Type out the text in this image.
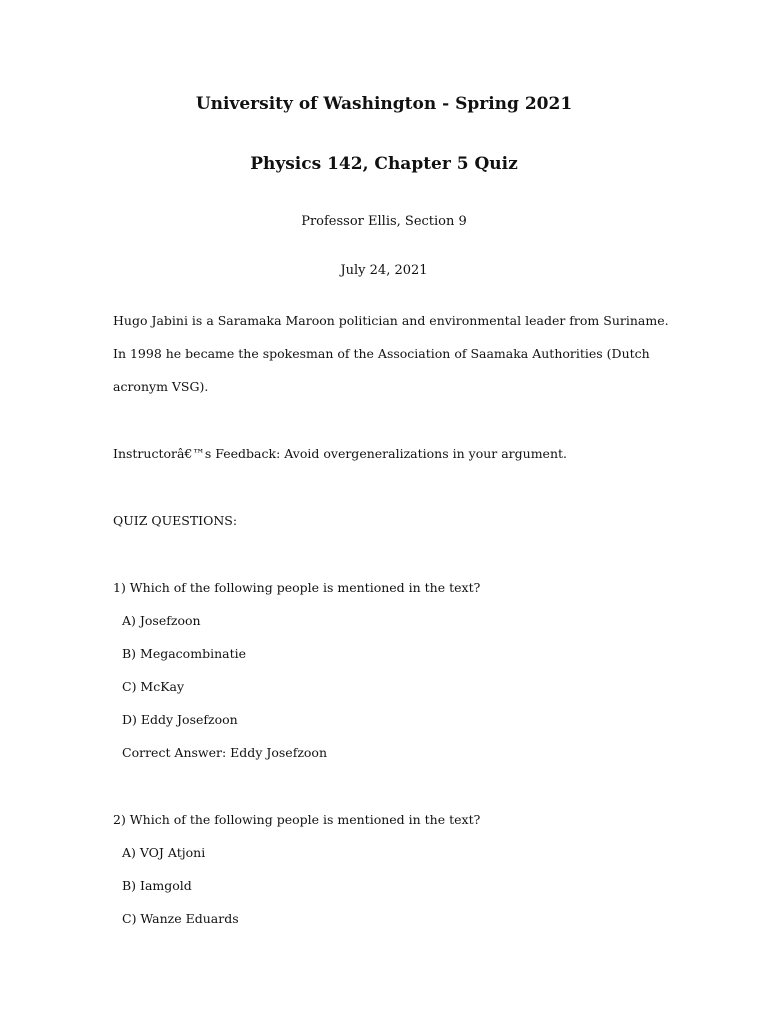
University of Washington - Spring 2021
Physics 142, Chapter 5 Quiz
Professor Ellis, Section 9
July 24, 2021
Hugo Jabini is a Saramaka Maroon politician and environmental leader from Suriname. In 1998 he became the spokesman of the Association of Saamaka Authorities (Dutch acronym VSG).
Instructorâ€™s Feedback: Avoid overgeneralizations in your argument.
QUIZ QUESTIONS:
1) Which of the following people is mentioned in the text?
A) Josefzoon
B) Megacombinatie
C) McKay
D) Eddy Josefzoon
Correct Answer: Eddy Josefzoon
2) Which of the following people is mentioned in the text?
A) VOJ Atjoni
B) Iamgold
C) Wanze Eduards
